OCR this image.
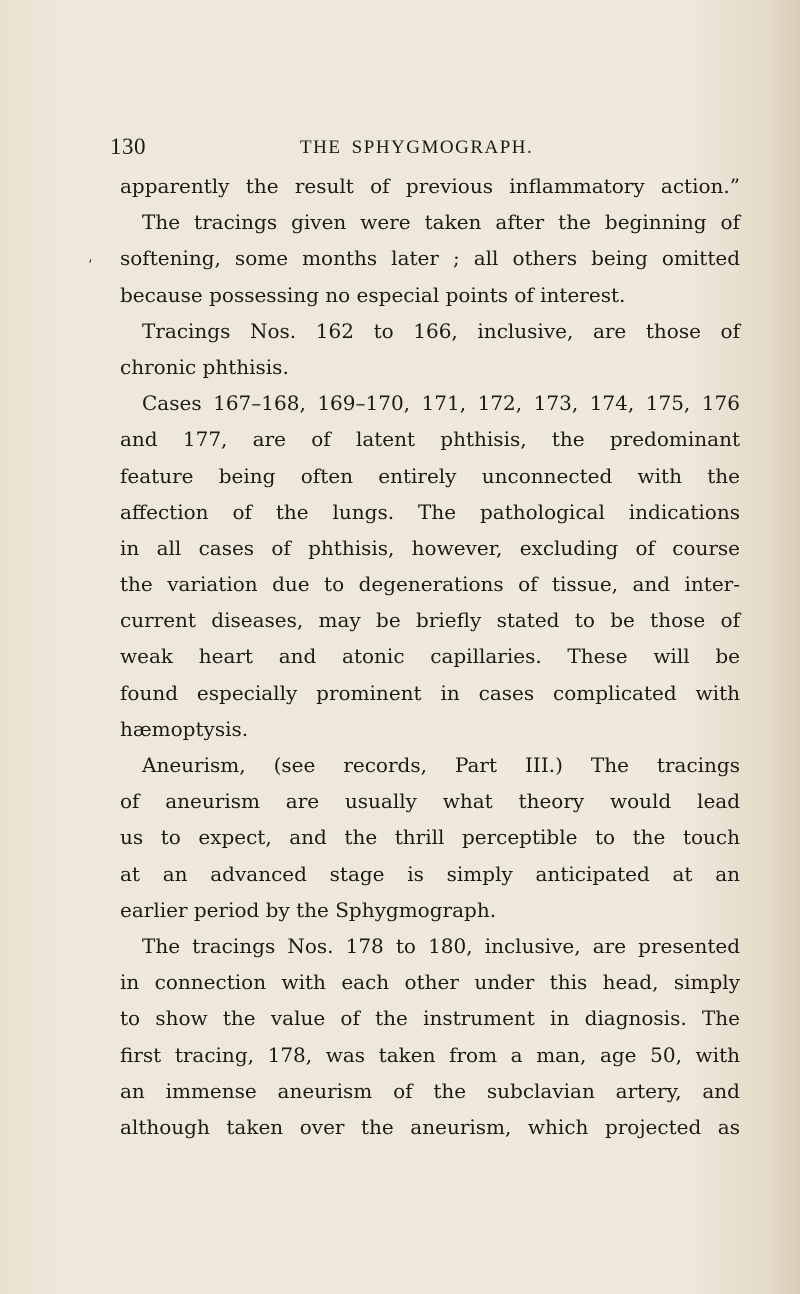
130	THE SPHYGMOGRAPH.
’
apparently the result of previous inflammatory action.”
The tracings given were taken after the beginning of
softening, some months later ; all others being omitted
because possessing no especial points of interest.
Tracings Nos. 162 to 166, inclusive, are those of
chronic phthisis.
Cases 167–168, 169–170, 171, 172, 173, 174, 175, 176
and 177, are of latent phthisis, the predominant
feature being often entirely unconnected with the
affection of the lungs. The pathological indications
in all cases of phthisis, however, excluding of course
the variation due to degenerations of tissue, and inter-
current diseases, may be briefly stated to be those of
weak heart and atonic capillaries. These will be
found especially prominent in cases complicated with
hæmoptysis.
Aneurism, (see records, Part III.) The tracings
of aneurism are usually what theory would lead
us to expect, and the thrill perceptible to the touch
at an advanced stage is simply anticipated at an
earlier period by the Sphygmograph.
The tracings Nos. 178 to 180, inclusive, are presented
in connection with each other under this head, simply
to show the value of the instrument in diagnosis. The
first tracing, 178, was taken from a man, age 50, with
an immense aneurism of the subclavian artery, and
although taken over the aneurism, which projected as
